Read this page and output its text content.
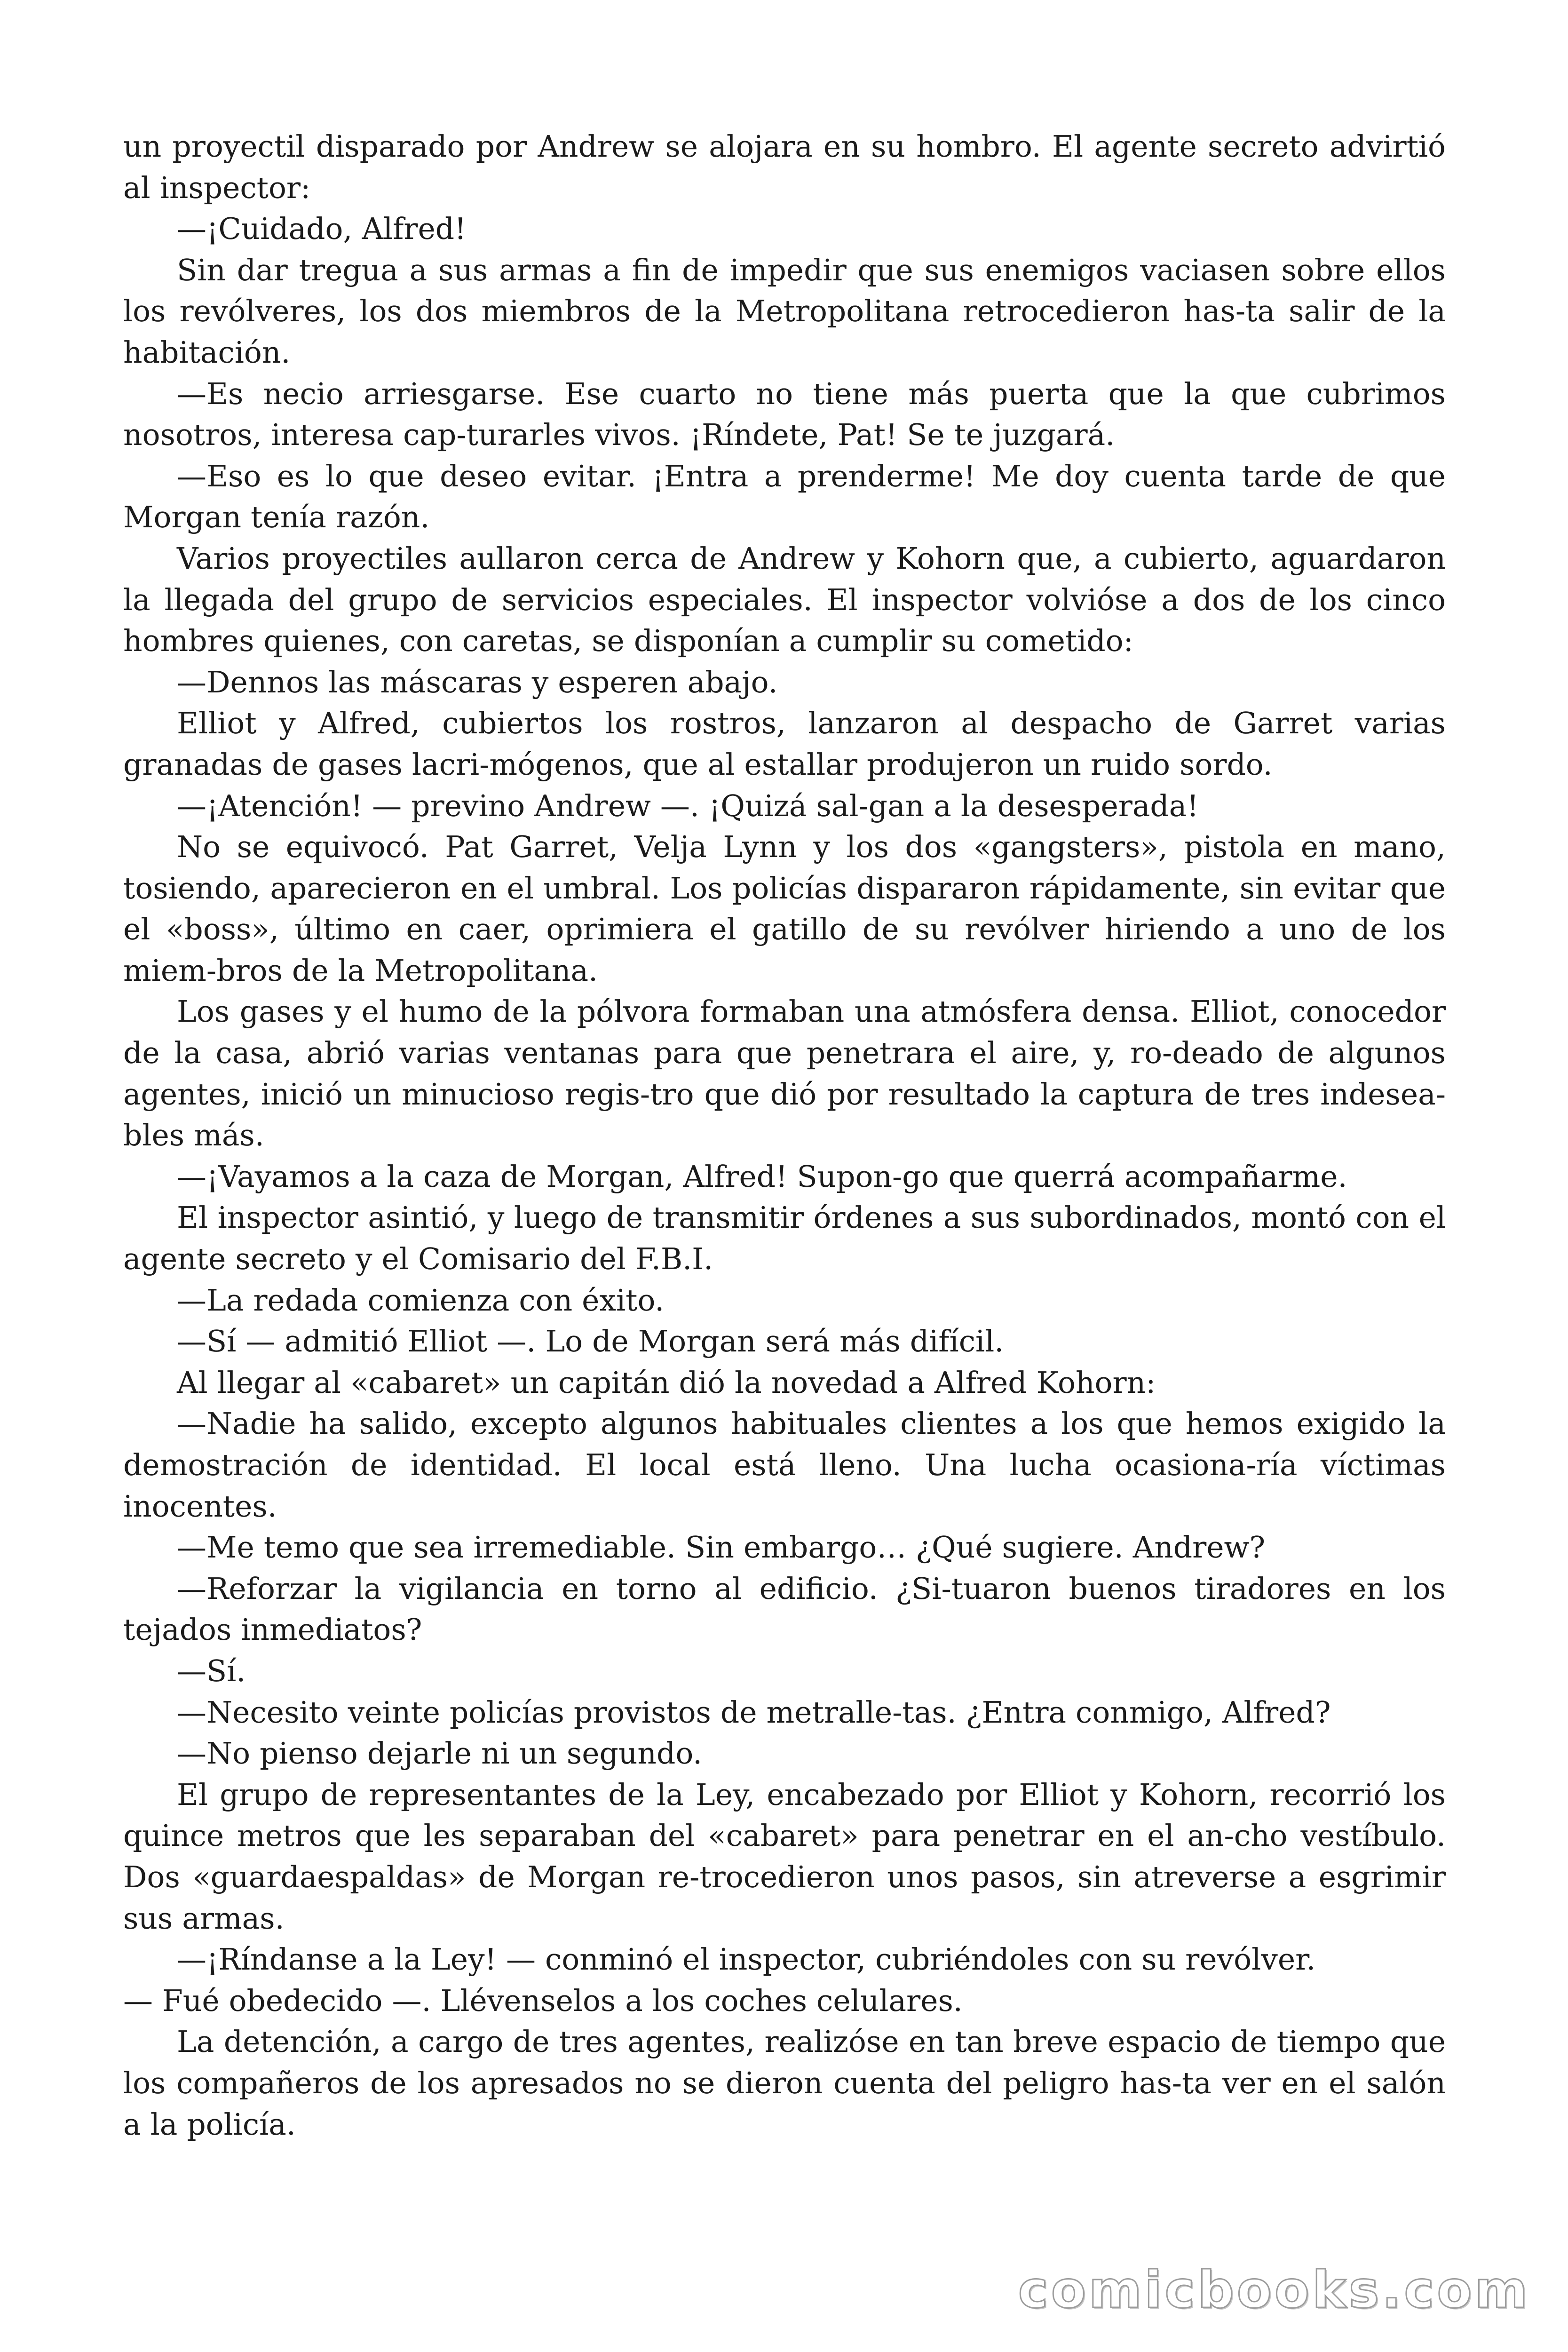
un proyectil disparado por Andrew se alojara en su hombro. El agente secreto advirtió al inspector:

—¡Cuidado, Alfred!

Sin dar tregua a sus armas a fin de impedir que sus enemigos vaciasen sobre ellos los revólveres, los dos miembros de la Metropolitana retrocedieron has-ta salir de la habitación.

—Es necio arriesgarse. Ese cuarto no tiene más puerta que la que cubrimos nosotros, interesa cap-turarles vivos. ¡Ríndete, Pat! Se te juzgará.

—Eso es lo que deseo evitar. ¡Entra a prenderme! Me doy cuenta tarde de que Morgan tenía razón.

Varios proyectiles aullaron cerca de Andrew y Kohorn que, a cubierto, aguardaron la llegada del grupo de servicios especiales. El inspector volvióse a dos de los cinco hombres quienes, con caretas, se disponían a cumplir su cometido:

—Dennos las máscaras y esperen abajo.

Elliot y Alfred, cubiertos los rostros, lanzaron al despacho de Garret varias granadas de gases lacri-mógenos, que al estallar produjeron un ruido sordo.

—¡Atención! — previno Andrew —. ¡Quizá sal-gan a la desesperada!

No se equivocó. Pat Garret, Velja Lynn y los dos «gangsters», pistola en mano, tosiendo, aparecieron en el umbral. Los policías dispararon rápidamente, sin evitar que el «boss», último en caer, oprimiera el gatillo de su revólver hiriendo a uno de los miem-bros de la Metropolitana.

Los gases y el humo de la pólvora formaban una atmósfera densa. Elliot, conocedor de la casa, abrió varias ventanas para que penetrara el aire, y, ro-deado de algunos agentes, inició un minucioso regis-tro que dió por resultado la captura de tres indesea-bles más.

—¡Vayamos a la caza de Morgan, Alfred! Supon-go que querrá acompañarme.

El inspector asintió, y luego de transmitir órdenes a sus subordinados, montó con el agente secreto y el Comisario del F.B.I.

—La redada comienza con éxito.

—Sí — admitió Elliot —. Lo de Morgan será más difícil.

Al llegar al «cabaret» un capitán dió la novedad a Alfred Kohorn:

—Nadie ha salido, excepto algunos habituales clientes a los que hemos exigido la demostración de identidad. El local está lleno. Una lucha ocasiona-ría víctimas inocentes.

—Me temo que sea irremediable. Sin embargo… ¿Qué sugiere. Andrew?

—Reforzar la vigilancia en torno al edificio. ¿Si-tuaron buenos tiradores en los tejados inmediatos?

—Sí.

—Necesito veinte policías provistos de metralle-tas. ¿Entra conmigo, Alfred?

—No pienso dejarle ni un segundo.

El grupo de representantes de la Ley, encabezado por Elliot y Kohorn, recorrió los quince metros que les separaban del «cabaret» para penetrar en el an-cho vestíbulo. Dos «guardaespaldas» de Morgan re-trocedieron unos pasos, sin atreverse a esgrimir sus armas.

—¡Ríndanse a la Ley! — conminó el inspector, cubriéndoles con su revólver.
— Fué obedecido —. Llévenselos a los coches celulares.

La detención, a cargo de tres agentes, realizóse en tan breve espacio de tiempo que los compañeros de los apresados no se dieron cuenta del peligro has-ta ver en el salón a la policía.

comicbooks.com
